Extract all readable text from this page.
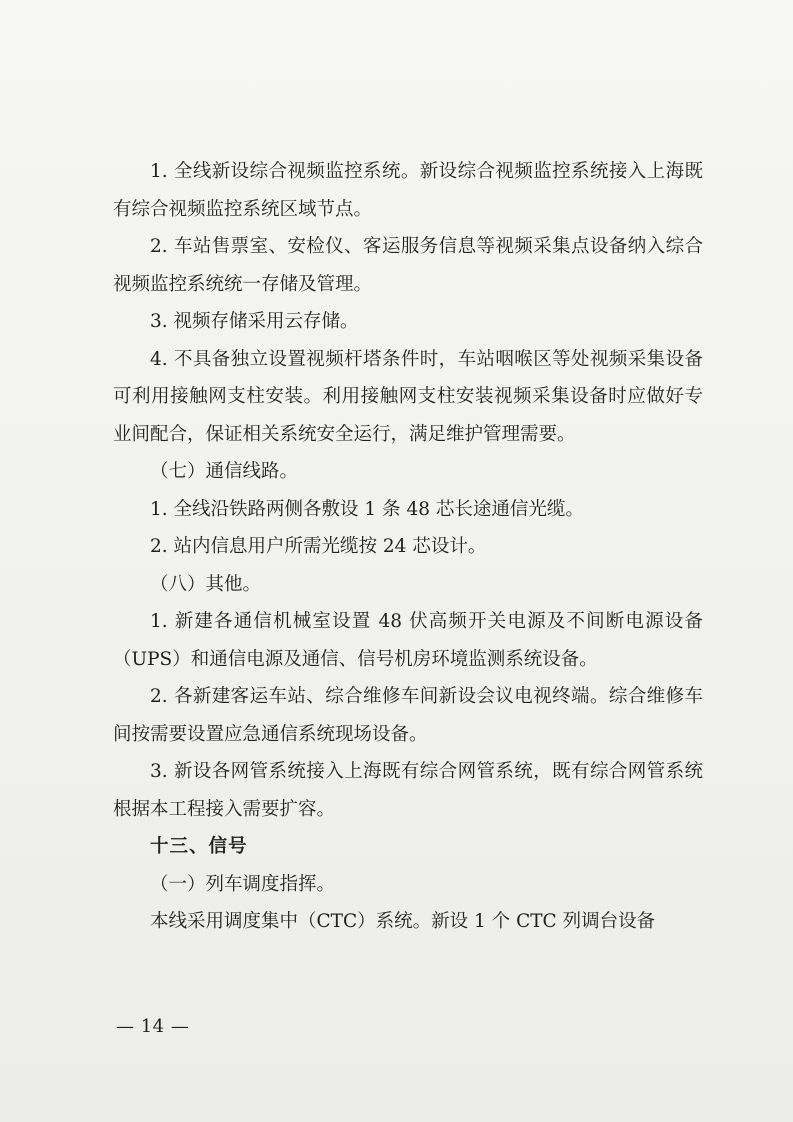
1. 全线新设综合视频监控系统。新设综合视频监控系统接入上海既有综合视频监控系统区域节点。

2. 车站售票室、安检仪、客运服务信息等视频采集点设备纳入综合视频监控系统统一存储及管理。

3. 视频存储采用云存储。

4. 不具备独立设置视频杆塔条件时，车站咽喉区等处视频采集设备可利用接触网支柱安装。利用接触网支柱安装视频采集设备时应做好专业间配合，保证相关系统安全运行，满足维护管理需要。

（七）通信线路。

1. 全线沿铁路两侧各敷设 1 条 48 芯长途通信光缆。

2. 站内信息用户所需光缆按 24 芯设计。

（八）其他。

1. 新建各通信机械室设置 48 伏高频开关电源及不间断电源设备（UPS）和通信电源及通信、信号机房环境监测系统设备。

2. 各新建客运车站、综合维修车间新设会议电视终端。综合维修车间按需要设置应急通信系统现场设备。

3. 新设各网管系统接入上海既有综合网管系统，既有综合网管系统根据本工程接入需要扩容。

十三、信号

（一）列车调度指挥。

本线采用调度集中（CTC）系统。新设 1 个 CTC 列调台设备

— 14 —
